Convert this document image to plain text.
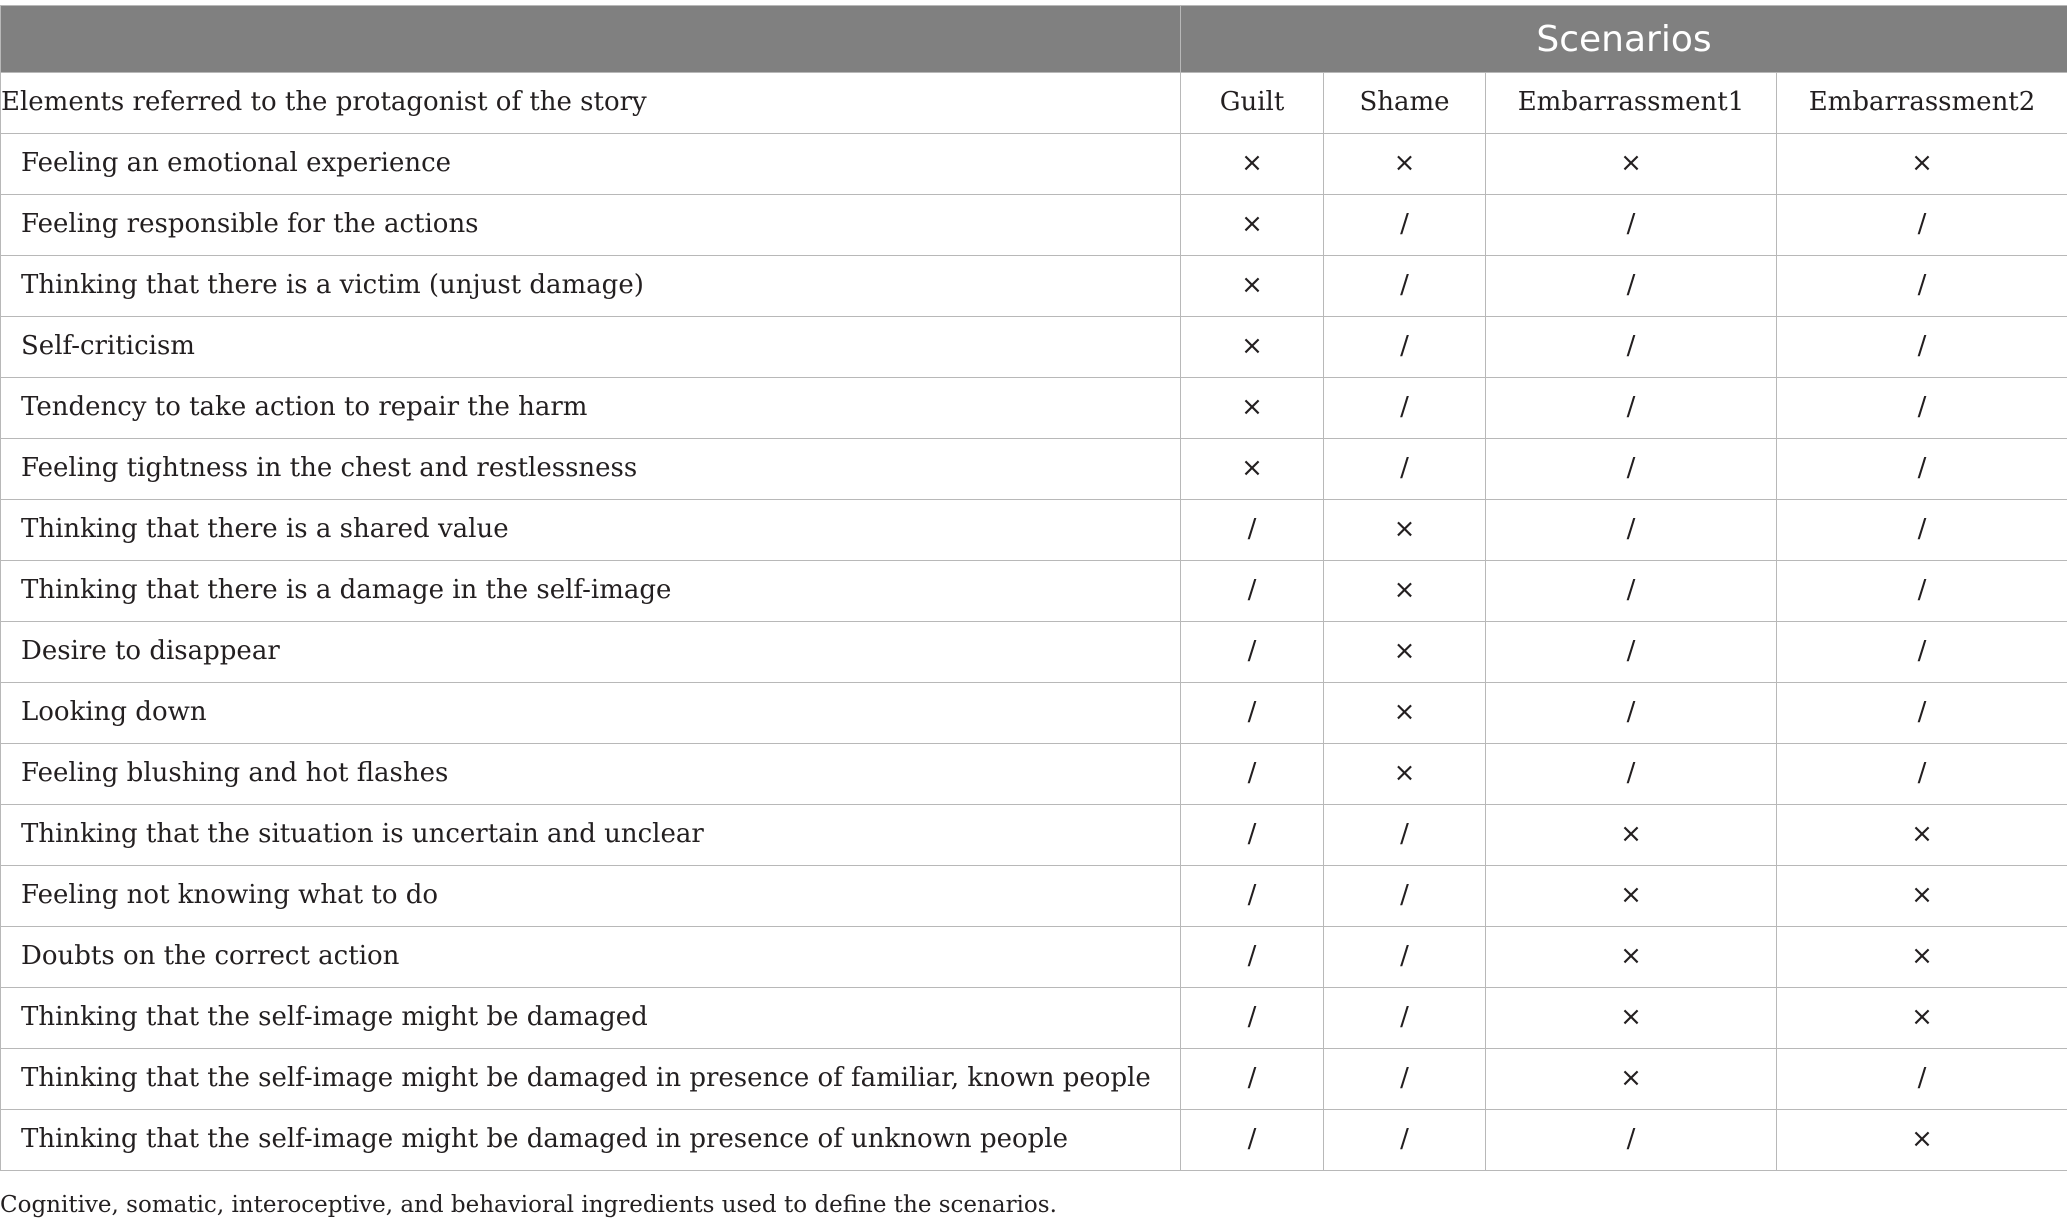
	Scenarios			
Elements referred to the protagonist of the story	Guilt	Shame	Embarrassment1	Embarrassment2
Feeling an emotional experience	×	×	×	×
Feeling responsible for the actions	×	/	/	/
Thinking that there is a victim (unjust damage)	×	/	/	/
Self-criticism	×	/	/	/
Tendency to take action to repair the harm	×	/	/	/
Feeling tightness in the chest and restlessness	×	/	/	/
Thinking that there is a shared value	/	×	/	/
Thinking that there is a damage in the self-image	/	×	/	/
Desire to disappear	/	×	/	/
Looking down	/	×	/	/
Feeling blushing and hot flashes	/	×	/	/
Thinking that the situation is uncertain and unclear	/	/	×	×
Feeling not knowing what to do	/	/	×	×
Doubts on the correct action	/	/	×	×
Thinking that the self-image might be damaged	/	/	×	×
Thinking that the self-image might be damaged in presence of familiar, known people	/	/	×	/
Thinking that the self-image might be damaged in presence of unknown people	/	/	/	×
Cognitive, somatic, interoceptive, and behavioral ingredients used to define the scenarios.
